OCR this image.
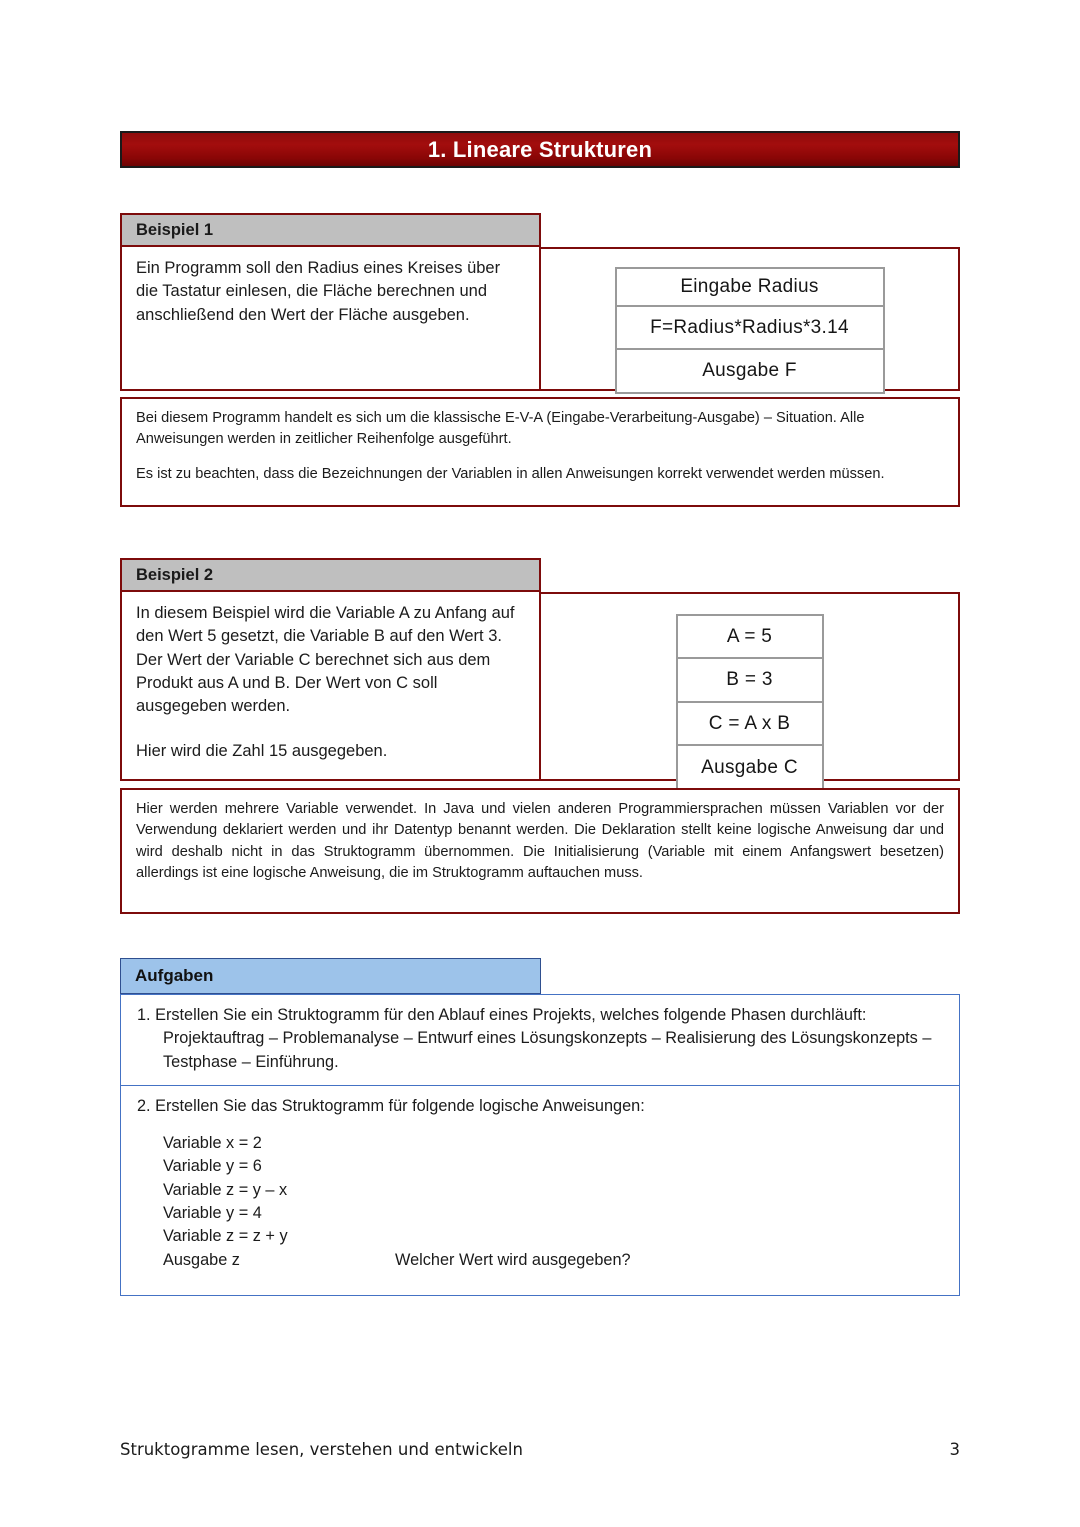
1. Lineare Strukturen
Beispiel 1

Ein Programm soll den Radius eines Kreises über die Tastatur einlesen, die Fläche berechnen und anschließend den Wert der Fläche ausgeben.

Eingabe Radius
F=Radius*Radius*3.14
Ausgabe F

Bei diesem Programm handelt es sich um die klassische E-V-A (Eingabe-Verarbeitung-Ausgabe) – Situation. Alle Anweisungen werden in zeitlicher Reihenfolge ausgeführt.

Es ist zu beachten, dass die Bezeichnungen der Variablen in allen Anweisungen korrekt verwendet werden müssen.

Beispiel 2

In diesem Beispiel wird die Variable A zu Anfang auf den Wert 5 gesetzt, die Variable B auf den Wert 3. Der Wert der Variable C berechnet sich aus dem Produkt aus A und B. Der Wert von C soll ausgegeben werden.

Hier wird die Zahl 15 ausgegeben.

A = 5
B = 3
C = A x B
Ausgabe C

Hier werden mehrere Variable verwendet. In Java und vielen anderen Programmiersprachen müssen Variablen vor der Verwendung deklariert werden und ihr Datentyp benannt werden. Die Deklaration stellt keine logische Anweisung dar und wird deshalb nicht in das Struktogramm übernommen. Die Initialisierung (Variable mit einem Anfangswert besetzen) allerdings ist eine logische Anweisung, die im Struktogramm auftauchen muss.

Aufgaben

1. Erstellen Sie ein Struktogramm für den Ablauf eines Projekts, welches folgende Phasen durchläuft: Projektauftrag – Problemanalyse – Entwurf eines Lösungskonzepts – Realisierung des Lösungskonzepts – Testphase – Einführung.

2. Erstellen Sie das Struktogramm für folgende logische Anweisungen:

Variable x = 2
Variable y = 6
Variable z = y – x
Variable y = 4
Variable z = z + y
Ausgabe z	Welcher Wert wird ausgegeben?
Struktogramme lesen, verstehen und entwickeln	3
